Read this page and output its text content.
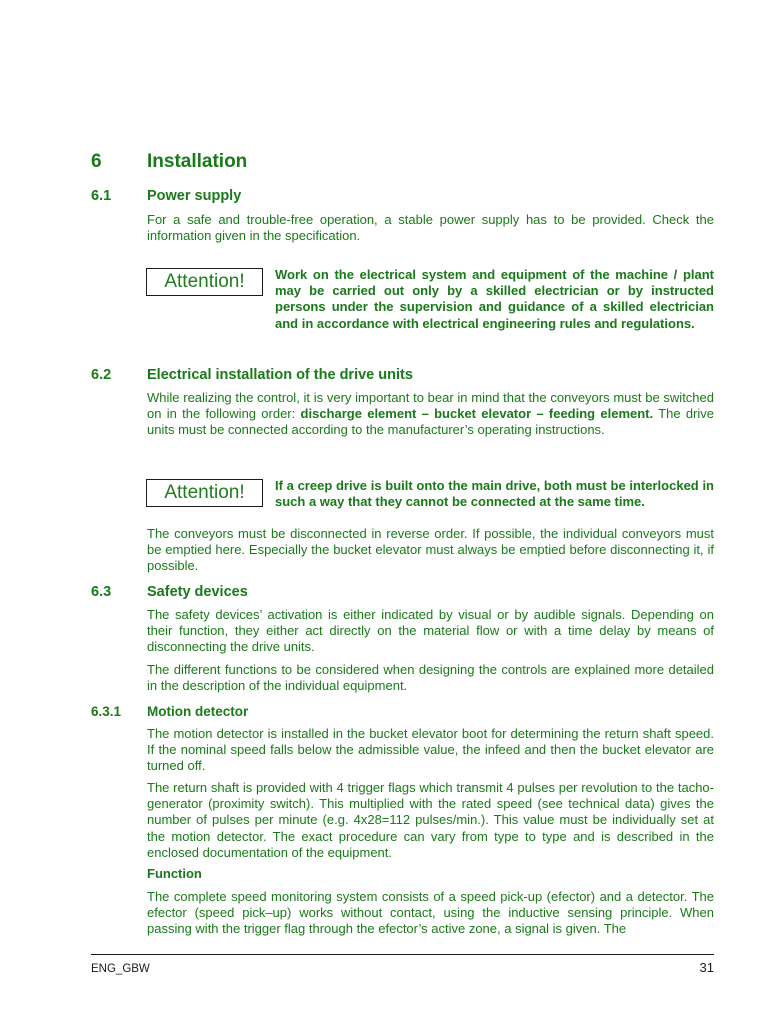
6 Installation
6.1 Power supply
For a safe and trouble-free operation, a stable power supply has to be provided. Check the information given in the specification.
Attention!	Work on the electrical system and equipment of the machine / plant may be carried out only by a skilled electrician or by instructed persons under the supervision and guidance of a skilled electrician and in accordance with electrical engineering rules and regulations.
6.2 Electrical installation of the drive units
While realizing the control, it is very important to bear in mind that the conveyors must be switched on in the following order: discharge element – bucket elevator – feeding element. The drive units must be connected according to the manufacturer’s operating instructions.
Attention!	If a creep drive is built onto the main drive, both must be interlocked in such a way that they cannot be connected at the same time.
The conveyors must be disconnected in reverse order. If possible, the individual conveyors must be emptied here. Especially the bucket elevator must always be emptied before disconnecting it, if possible.
6.3 Safety devices
The safety devices’ activation is either indicated by visual or by audible signals. Depending on their function, they either act directly on the material flow or with a time delay by means of disconnecting the drive units.
The different functions to be considered when designing the controls are explained more detailed in the description of the individual equipment.
6.3.1 Motion detector
The motion detector is installed in the bucket elevator boot for determining the return shaft speed. If the nominal speed falls below the admissible value, the infeed and then the bucket elevator are turned off.
The return shaft is provided with 4 trigger flags which transmit 4 pulses per revolution to the tacho-generator (proximity switch). This multiplied with the rated speed (see technical data) gives the number of pulses per minute (e.g. 4x28=112 pulses/min.). This value must be individually set at the motion detector. The exact procedure can vary from type to type and is described in the enclosed documentation of the equipment.
Function
The complete speed monitoring system consists of a speed pick-up (efector) and a detector. The efector (speed pick–up) works without contact, using the inductive sensing principle. When passing with the trigger flag through the efector’s active zone, a signal is given. The
ENG_GBW	31
